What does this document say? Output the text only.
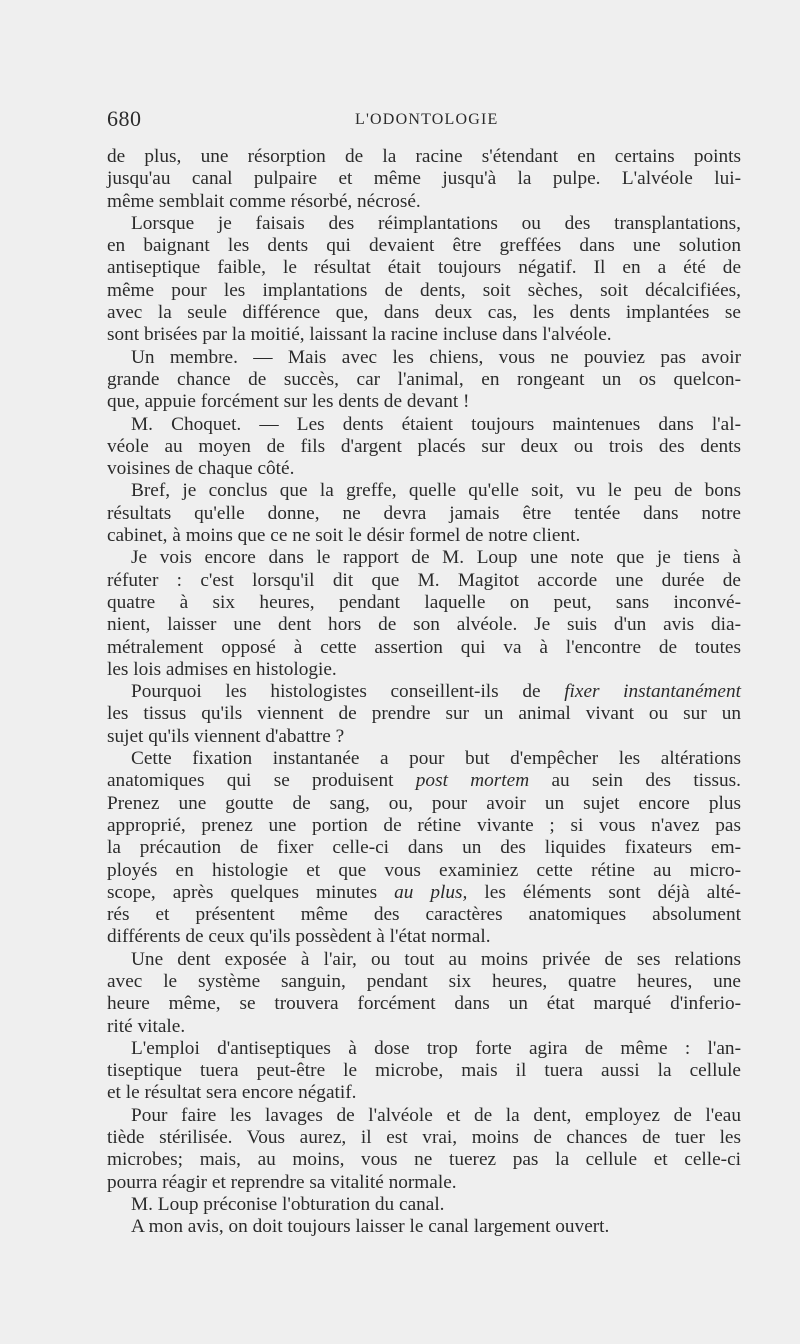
680	L'ODONTOLOGIE
de plus, une résorption de la racine s'étendant en certains points
jusqu'au canal pulpaire et même jusqu'à la pulpe. L'alvéole lui-
même semblait comme résorbé, nécrosé.
Lorsque je faisais des réimplantations ou des transplantations,
en baignant les dents qui devaient être greffées dans une solution
antiseptique faible, le résultat était toujours négatif. Il en a été de
même pour les implantations de dents, soit sèches, soit décalcifiées,
avec la seule différence que, dans deux cas, les dents implantées se
sont brisées par la moitié, laissant la racine incluse dans l'alvéole.
Un membre. — Mais avec les chiens, vous ne pouviez pas avoir
grande chance de succès, car l'animal, en rongeant un os quelcon-
que, appuie forcément sur les dents de devant !
M. Choquet. — Les dents étaient toujours maintenues dans l'al-
véole au moyen de fils d'argent placés sur deux ou trois des dents
voisines de chaque côté.
Bref, je conclus que la greffe, quelle qu'elle soit, vu le peu de bons
résultats qu'elle donne, ne devra jamais être tentée dans notre
cabinet, à moins que ce ne soit le désir formel de notre client.
Je vois encore dans le rapport de M. Loup une note que je tiens à
réfuter : c'est lorsqu'il dit que M. Magitot accorde une durée de
quatre à six heures, pendant laquelle on peut, sans inconvé-
nient, laisser une dent hors de son alvéole. Je suis d'un avis dia-
métralement opposé à cette assertion qui va à l'encontre de toutes
les lois admises en histologie.
Pourquoi les histologistes conseillent-ils de fixer instantanément
les tissus qu'ils viennent de prendre sur un animal vivant ou sur un
sujet qu'ils viennent d'abattre ?
Cette fixation instantanée a pour but d'empêcher les altérations
anatomiques qui se produisent post mortem au sein des tissus.
Prenez une goutte de sang, ou, pour avoir un sujet encore plus
approprié, prenez une portion de rétine vivante ; si vous n'avez pas
la précaution de fixer celle-ci dans un des liquides fixateurs em-
ployés en histologie et que vous examiniez cette rétine au micro-
scope, après quelques minutes au plus, les éléments sont déjà alté-
rés et présentent même des caractères anatomiques absolument
différents de ceux qu'ils possèdent à l'état normal.
Une dent exposée à l'air, ou tout au moins privée de ses relations
avec le système sanguin, pendant six heures, quatre heures, une
heure même, se trouvera forcément dans un état marqué d'inferio-
rité vitale.
L'emploi d'antiseptiques à dose trop forte agira de même : l'an-
tiseptique tuera peut-être le microbe, mais il tuera aussi la cellule
et le résultat sera encore négatif.
Pour faire les lavages de l'alvéole et de la dent, employez de l'eau
tiède stérilisée. Vous aurez, il est vrai, moins de chances de tuer les
microbes; mais, au moins, vous ne tuerez pas la cellule et celle-ci
pourra réagir et reprendre sa vitalité normale.
M. Loup préconise l'obturation du canal.
A mon avis, on doit toujours laisser le canal largement ouvert.
